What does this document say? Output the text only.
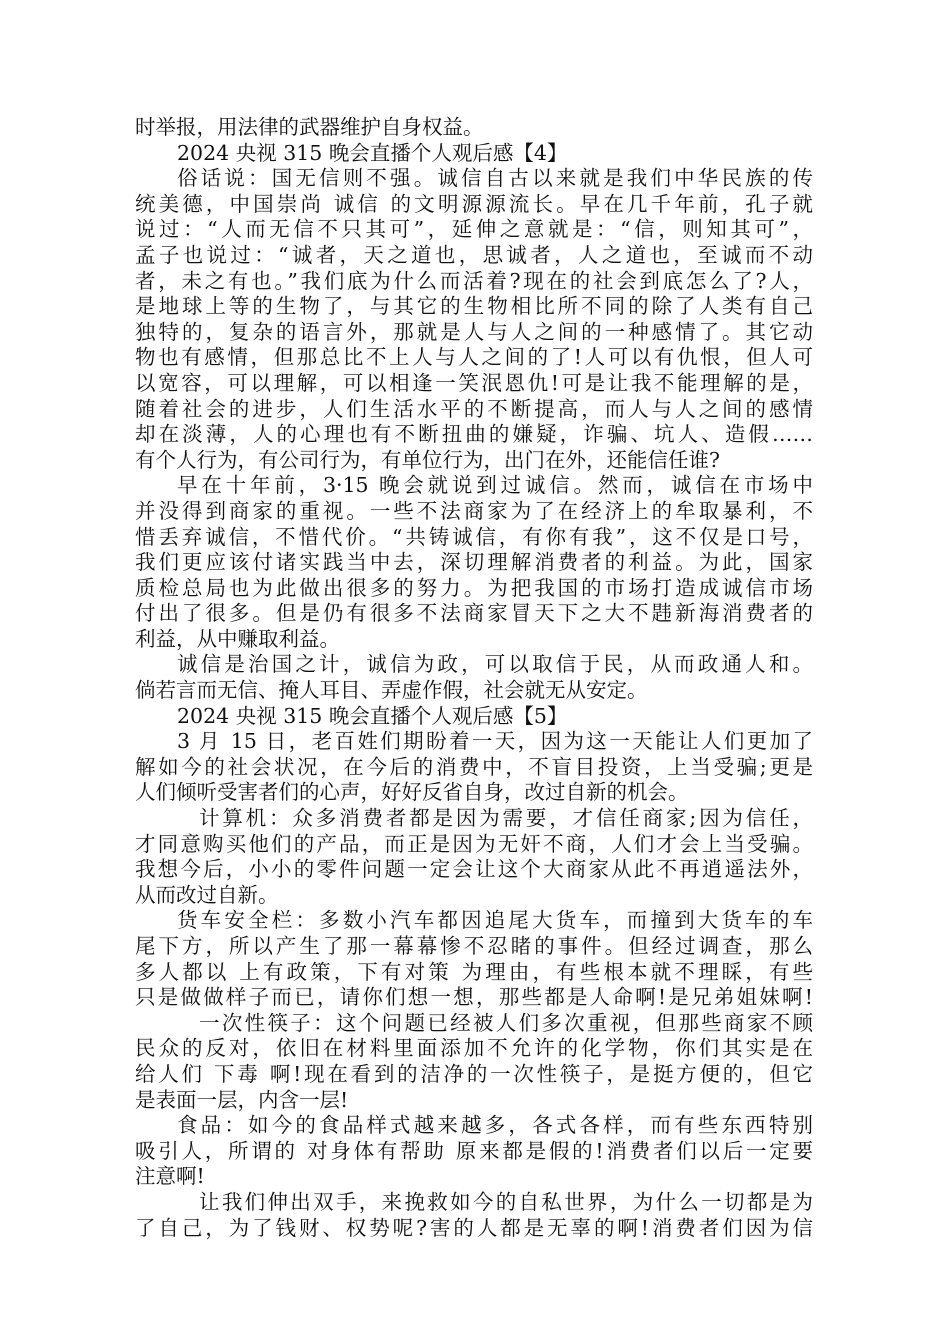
时举报，用法律的武器维护自身权益。
2024 央视 315 晚会直播个人观后感【4】
俗话说：国无信则不强。诚信自古以来就是我们中华民族的传
统美德，中国崇尚 诚信 的文明源源流长。早在几千年前，孔子就
说过：“人而无信不只其可”，延伸之意就是：“信，则知其可”，
孟子也说过：“诚者，天之道也，思诚者，人之道也，至诚而不动
者，未之有也。”我们底为什么而活着?现在的社会到底怎么了?人，
是地球上等的生物了，与其它的生物相比所不同的除了人类有自己
独特的，复杂的语言外，那就是人与人之间的一种感情了。其它动
物也有感情，但那总比不上人与人之间的了!人可以有仇恨，但人可
以宽容，可以理解，可以相逢一笑泯恩仇!可是让我不能理解的是，
随着社会的进步，人们生活水平的不断提高，而人与人之间的感情
却在淡薄，人的心理也有不断扭曲的嫌疑，诈骗、坑人、造假……
有个人行为，有公司行为，有单位行为，出门在外，还能信任谁?
早在十年前，3·15 晚会就说到过诚信。然而，诚信在市场中
并没得到商家的重视。一些不法商家为了在经济上的牟取暴利，不
惜丢弃诚信，不惜代价。“共铸诚信，有你有我”，这不仅是口号，
我们更应该付诸实践当中去，深切理解消费者的利益。为此，国家
质检总局也为此做出很多的努力。为把我国的市场打造成诚信市场
付出了很多。但是仍有很多不法商家冒天下之大不韪新海消费者的
利益，从中赚取利益。
诚信是治国之计，诚信为政，可以取信于民，从而政通人和。
倘若言而无信、掩人耳目、弄虚作假，社会就无从安定。
2024 央视 315 晚会直播个人观后感【5】
3 月 15 日，老百姓们期盼着一天，因为这一天能让人们更加了
解如今的社会状况，在今后的消费中，不盲目投资，上当受骗;更是
人们倾听受害者们的心声，好好反省自身，改过自新的机会。
计算机：众多消费者都是因为需要，才信任商家;因为信任，
才同意购买他们的产品，而正是因为无奸不商，人们才会上当受骗。
我想今后，小小的零件问题一定会让这个大商家从此不再逍遥法外，
从而改过自新。
货车安全栏：多数小汽车都因追尾大货车，而撞到大货车的车
尾下方，所以产生了那一幕幕惨不忍睹的事件。但经过调查，那么
多人都以 上有政策，下有对策 为理由，有些根本就不理睬，有些
只是做做样子而已，请你们想一想，那些都是人命啊!是兄弟姐妹啊!
一次性筷子：这个问题已经被人们多次重视，但那些商家不顾
民众的反对，依旧在材料里面添加不允许的化学物，你们其实是在
给人们 下毒 啊!现在看到的洁净的一次性筷子，是挺方便的，但它
是表面一层，内含一层!
食品：如今的食品样式越来越多，各式各样，而有些东西特别
吸引人，所谓的 对身体有帮助 原来都是假的!消费者们以后一定要
注意啊!
让我们伸出双手，来挽救如今的自私世界，为什么一切都是为
了自己，为了钱财、权势呢?害的人都是无辜的啊!消费者们因为信
